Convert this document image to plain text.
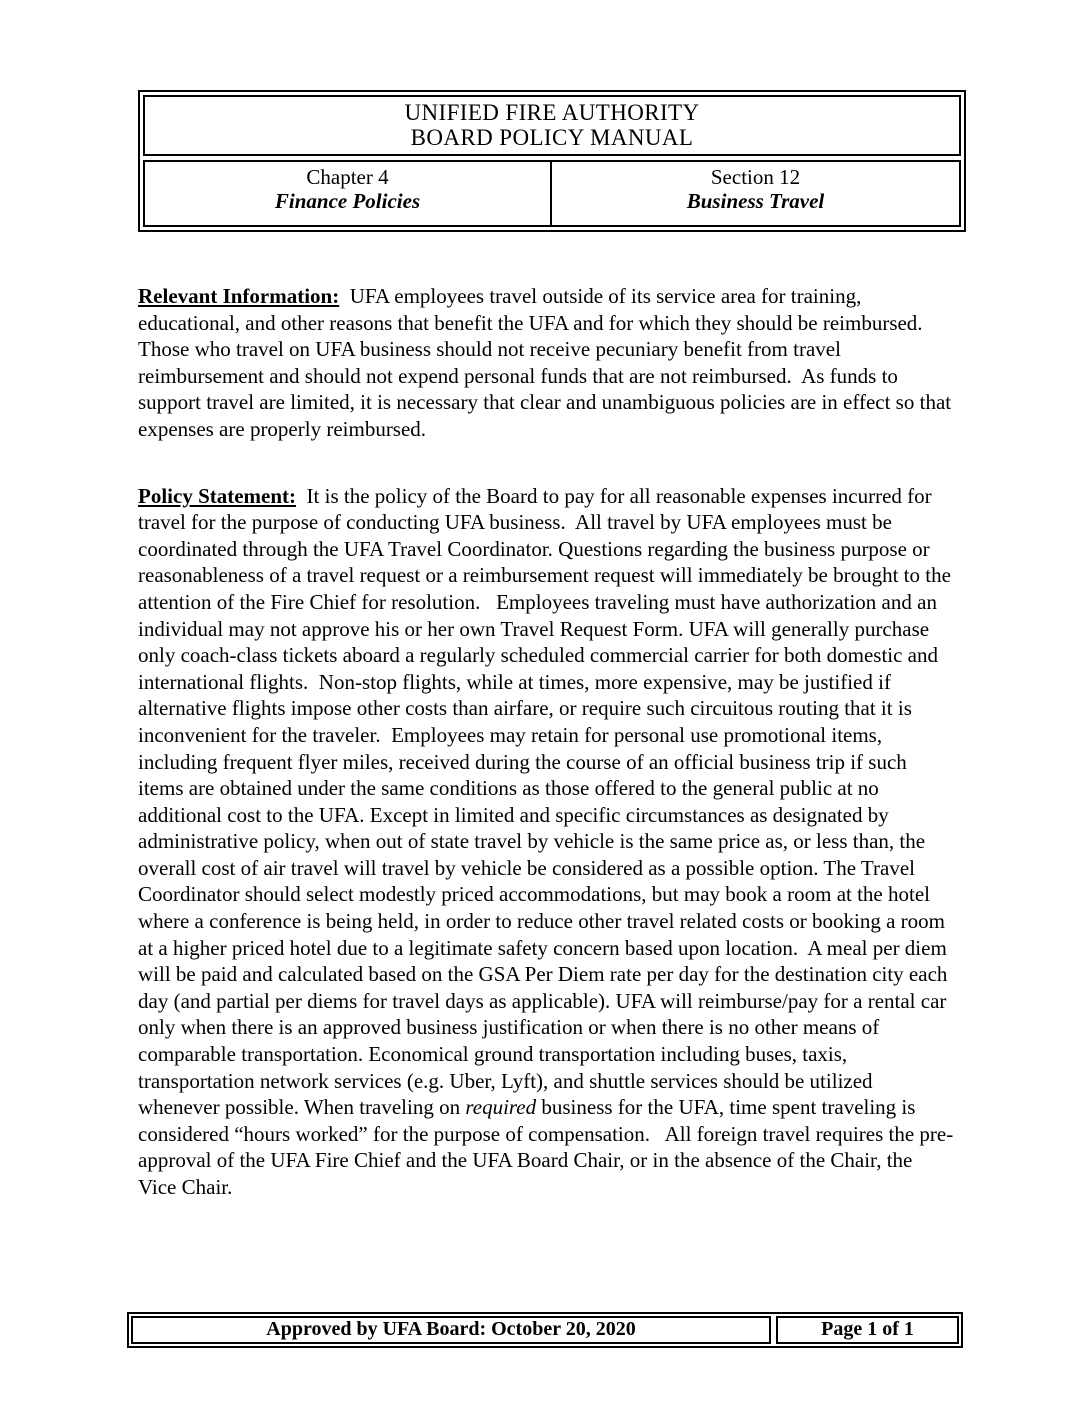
UNIFIED FIRE AUTHORITY
BOARD POLICY MANUAL
Chapter 4
Finance Policies
Section 12
Business Travel
Relevant Information:  UFA employees travel outside of its service area for training, educational, and other reasons that benefit the UFA and for which they should be reimbursed.  Those who travel on UFA business should not receive pecuniary benefit from travel reimbursement and should not expend personal funds that are not reimbursed.  As funds to support travel are limited, it is necessary that clear and unambiguous policies are in effect so that  expenses are properly reimbursed.
Policy Statement:  It is the policy of the Board to pay for all reasonable expenses incurred for travel for the purpose of conducting UFA business.  All travel by UFA employees must be coordinated through the UFA Travel Coordinator. Questions regarding the business purpose or reasonableness of a travel request or a reimbursement request will immediately be brought to the   attention of the Fire Chief for resolution.   Employees traveling must have authorization and an  individual may not approve his or her own Travel Request Form. UFA will generally purchase  only coach-class tickets aboard a regularly scheduled commercial carrier for both domestic and  international flights.  Non-stop flights, while at times, more expensive, may be justified if  alternative flights impose other costs than airfare, or require such circuitous routing that it is  inconvenient for the traveler.  Employees may retain for personal use promotional items,  including frequent flyer miles, received during the course of an official business trip if such  items are obtained under the same conditions as those offered to the general public at no additional cost to the UFA. Except in limited and specific circumstances as designated by administrative policy, when out of state travel by vehicle is the same price as, or less than, the overall cost of air travel will travel by vehicle be considered as a possible option. The Travel Coordinator should select modestly priced accommodations, but may book a room at the hotel where a conference is being held, in order to reduce other travel related costs or booking a room  at a higher priced hotel due to a legitimate safety concern based upon location.  A meal per diem  will be paid and calculated based on the GSA Per Diem rate per day for the destination city each  day (and partial per diems for travel days as applicable). UFA will reimburse/pay for a rental car  only when there is an approved business justification or when there is no other means of  comparable transportation. Economical ground transportation including buses, taxis,  transportation network services (e.g. Uber, Lyft), and shuttle services should be utilized   whenever possible. When traveling on required business for the UFA, time spent traveling is  considered “hours worked” for the purpose of compensation.   All foreign travel requires the pre-approval of the UFA Fire Chief and the UFA Board Chair, or in the absence of the Chair, the  Vice Chair.
Approved by UFA Board: October 20, 2020	Page 1 of 1
